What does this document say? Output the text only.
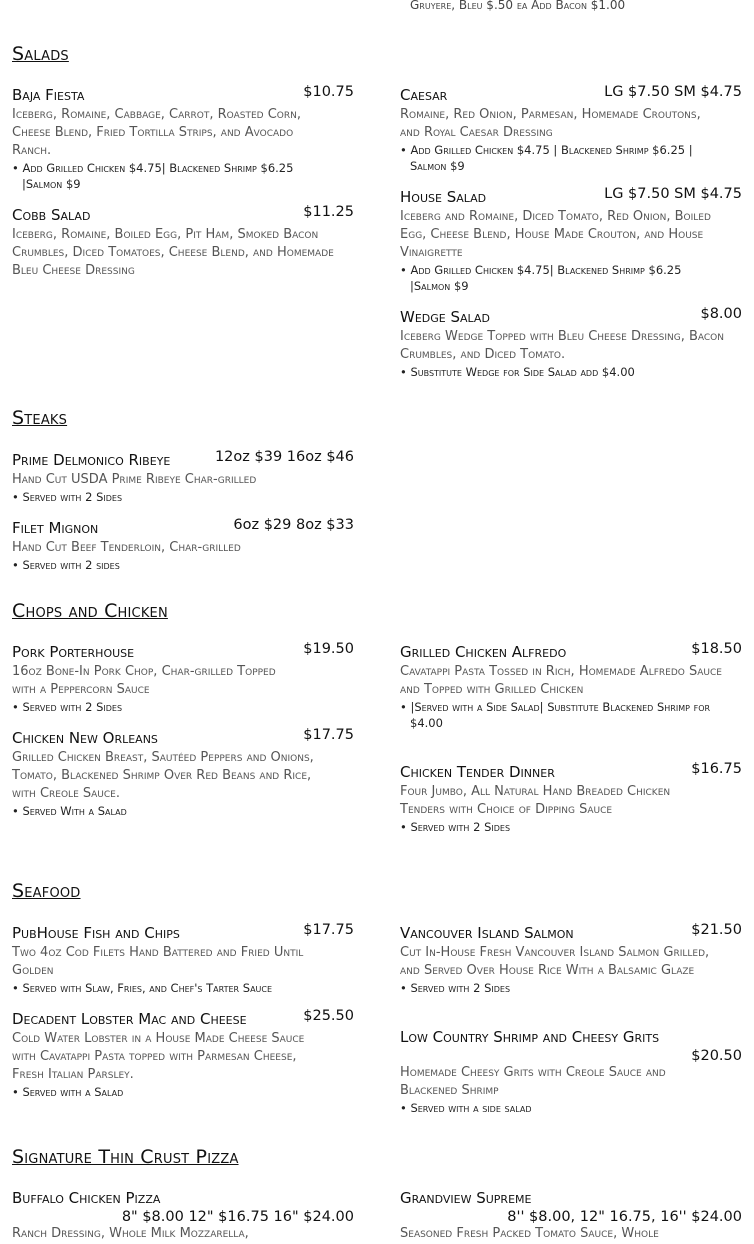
Gruyere, Bleu $.50 ea Add Bacon $1.00
Salads
Baja Fiesta	$10.75
Iceberg, Romaine, Cabbage, Carrot, Roasted Corn, Cheese Blend, Fried Tortilla Strips, and Avocado Ranch.
• Add Grilled Chicken $4.75| Blackened Shrimp $6.25 |Salmon $9
Cobb Salad	$11.25
Iceberg, Romaine, Boiled Egg, Pit Ham, Smoked Bacon Crumbles, Diced Tomatoes, Cheese Blend, and Homemade Bleu Cheese Dressing
Caesar	LG $7.50 SM $4.75
Romaine, Red Onion, Parmesan, Homemade Croutons, and Royal Caesar Dressing
• Add Grilled Chicken $4.75 | Blackened Shrimp $6.25 | Salmon $9
House Salad	LG $7.50 SM $4.75
Iceberg and Romaine, Diced Tomato, Red Onion, Boiled Egg, Cheese Blend, House Made Crouton, and House Vinaigrette
• Add Grilled Chicken $4.75| Blackened Shrimp $6.25 |Salmon $9
Wedge Salad	$8.00
Iceberg Wedge Topped with Bleu Cheese Dressing, Bacon Crumbles, and Diced Tomato.
• Substitute Wedge for Side Salad add $4.00
Steaks
Prime Delmonico Ribeye	12oz $39 16oz $46
Hand Cut USDA Prime Ribeye Char-grilled
• Served with 2 Sides
Filet Mignon	6oz $29 8oz $33
Hand Cut Beef Tenderloin, Char-grilled
• Served with 2 sides
Chops and Chicken
Pork Porterhouse	$19.50
16oz Bone-In Pork Chop, Char-grilled Topped with a Peppercorn Sauce
• Served with 2 Sides
Chicken New Orleans	$17.75
Grilled Chicken Breast, Sautéed Peppers and Onions, Tomato, Blackened Shrimp Over Red Beans and Rice, with Creole Sauce.
• Served With a Salad
Grilled Chicken Alfredo	$18.50
Cavatappi Pasta Tossed in Rich, Homemade Alfredo Sauce and Topped with Grilled Chicken
• |Served with a Side Salad| Substitute Blackened Shrimp for $4.00
Chicken Tender Dinner	$16.75
Four Jumbo, All Natural Hand Breaded Chicken Tenders with Choice of Dipping Sauce
• Served with 2 Sides
Seafood
PubHouse Fish and Chips	$17.75
Two 4oz Cod Filets Hand Battered and Fried Until Golden
• Served with Slaw, Fries, and Chef's Tarter Sauce
Decadent Lobster Mac and Cheese	$25.50
Cold Water Lobster in a House Made Cheese Sauce with Cavatappi Pasta topped with Parmesan Cheese, Fresh Italian Parsley.
• Served with a Salad
Vancouver Island Salmon	$21.50
Cut In-House Fresh Vancouver Island Salmon Grilled, and Served Over House Rice With a Balsamic Glaze
• Served with 2 Sides
Low Country Shrimp and Cheesy Grits
$20.50
Homemade Cheesy Grits with Creole Sauce and Blackened Shrimp
• Served with a side salad
Signature Thin Crust Pizza
Buffalo Chicken Pizza
8" $8.00 12" $16.75 16" $24.00
Ranch Dressing, Whole Milk Mozzarella,
Grandview Supreme
8'' $8.00, 12" 16.75, 16'' $24.00
Seasoned Fresh Packed Tomato Sauce, Whole
